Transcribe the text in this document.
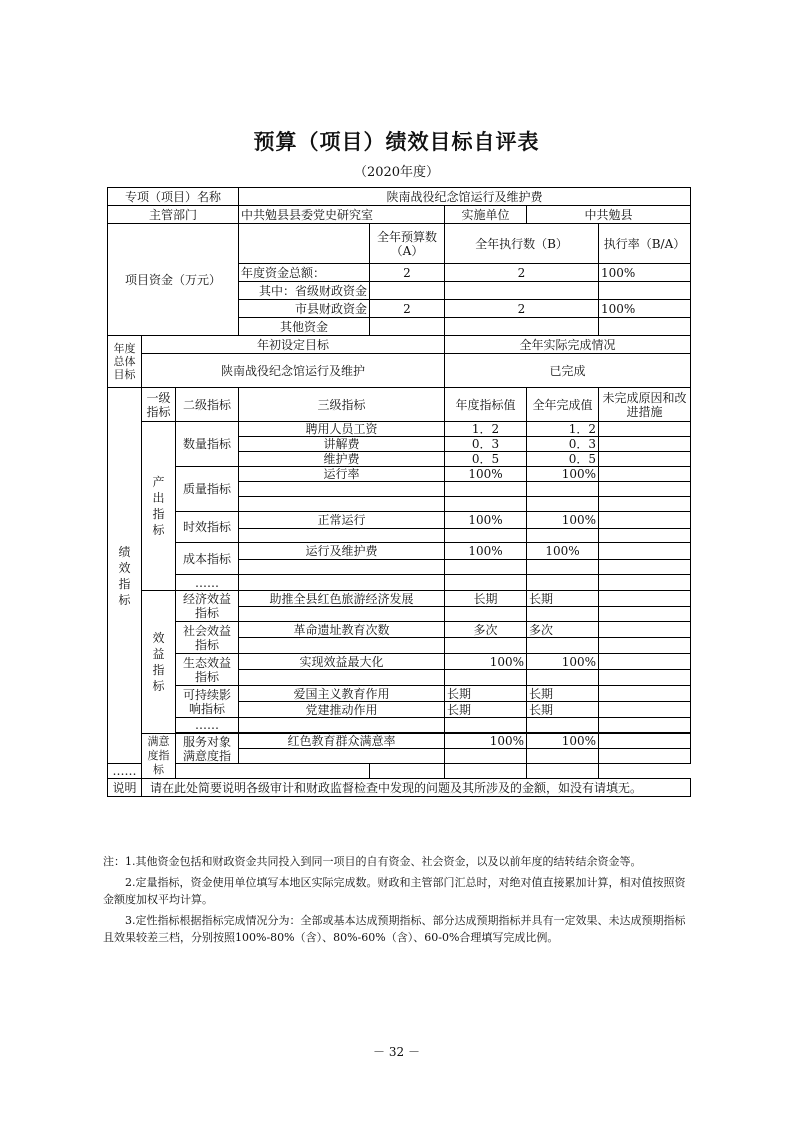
预算（项目）绩效目标自评表
（2020年度）
专项（项目）名称			陕南战役纪念馆运行及维护费				
主管部门			中共勉县县委党史研究室		实施单位	中共勉县	
项目资金（万元）				全年预算数（A）	全年执行数（B）		执行率（B/A）
			年度资金总额：	2	2		100%
			其中：省级财政资金				
			市县财政资金	2	2		100%
			其他资金				
年度总体目标	年初设定目标				全年实际完成情况		
	陕南战役纪念馆运行及维护				已完成		
绩效指标	一级指标	二级指标	三级指标		年度指标值	全年完成值	未完成原因和改进措施
	产出指标	数量指标	聘用人员工资		1．2	1．2	
			讲解费		0．3	0．3	
			维护费		0．5	0．5	
		质量指标	运行率		100%	100%	

		时效指标	正常运行		100%	100%	

		成本指标	运行及维护费		100%	100%	

		……					
	效益指标	经济效益指标	助推全县红色旅游经济发展		长期	长期	

		社会效益指标	革命遗址教育次数		多次	多次	

		生态效益指标	实现效益最大化		100%	100%	

		可持续影响指标	爱国主义教育作用		长期	长期	
			党建推动作用		长期	长期	
		……					

	满意度指标	服务对象满意度指	红色教育群众满意率		100%	100%	

……							
说明	请在此处简要说明各级审计和财政监督检查中发现的问题及其所涉及的金额，如没有请填无。						

注：1.其他资金包括和财政资金共同投入到同一项目的自有资金、社会资金，以及以前年度的结转结余资金等。

2.定量指标，资金使用单位填写本地区实际完成数。财政和主管部门汇总时，对绝对值直接累加计算，相对值按照资金额度加权平均计算。

3.定性指标根据指标完成情况分为：全部或基本达成预期指标、部分达成预期指标并具有一定效果、未达成预期指标且效果较差三档，分别按照100%-80%（含）、80%-60%（含）、60-0%合理填写完成比例。

－ 32 －
